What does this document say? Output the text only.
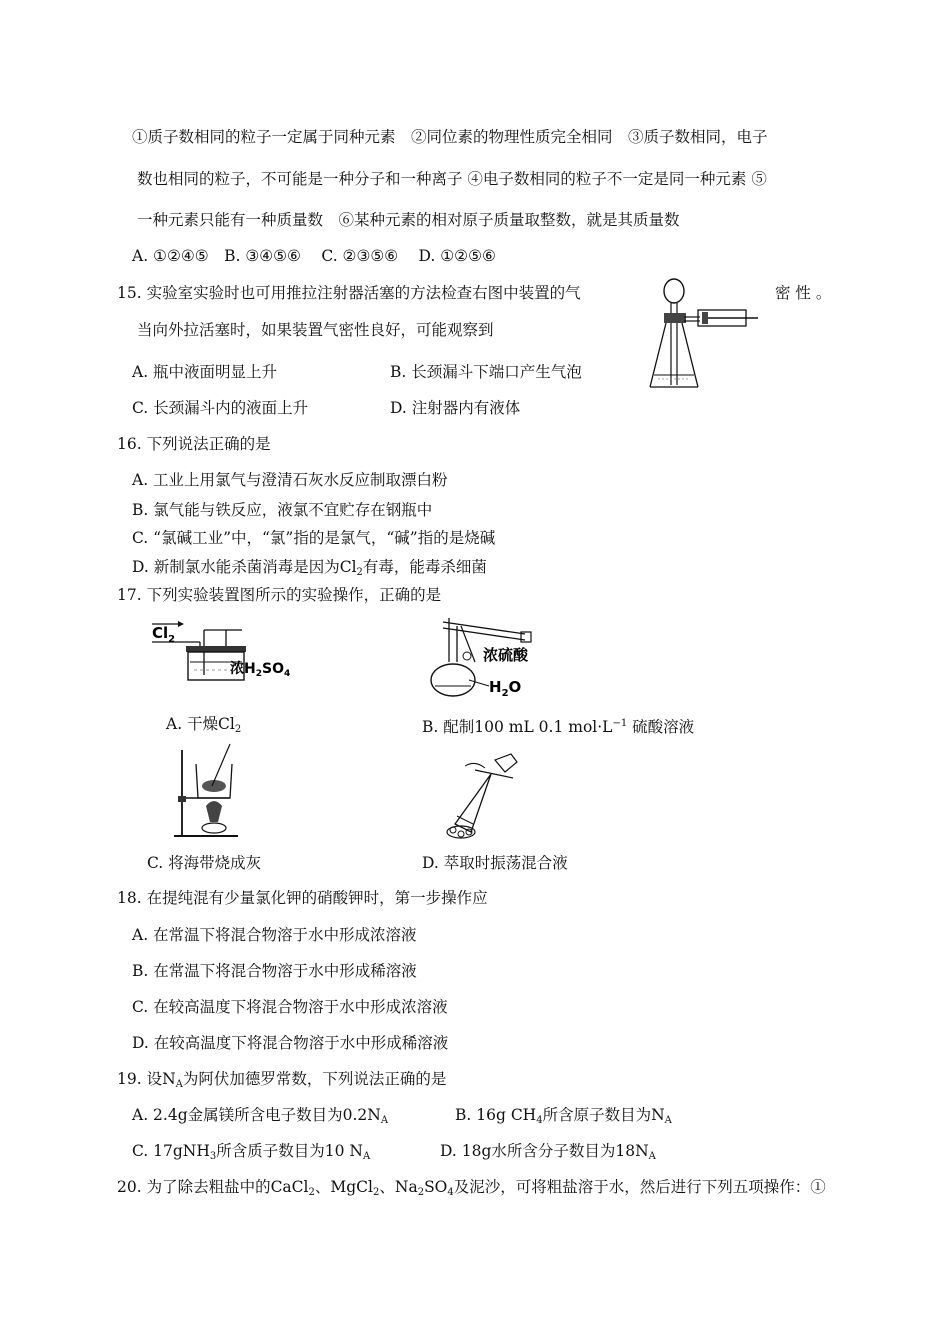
①质子数相同的粒子一定属于同种元素　②同位素的物理性质完全相同　③质子数相同，电子
数也相同的粒子，不可能是一种分子和一种离子 ④电子数相同的粒子不一定是同一种元素 ⑤
一种元素只能有一种质量数　⑥某种元素的相对原子质量取整数，就是其质量数
A. ①②④⑤　B. ③④⑤⑥　 C. ②③⑤⑥　 D. ①②⑤⑥
15. 实验室实验时也可用推拉注射器活塞的方法检查右图中装置的气	密 性 。
当向外拉活塞时，如果装置气密性良好，可能观察到
A. 瓶中液面明显上升	B. 长颈漏斗下端口产生气泡
C. 长颈漏斗内的液面上升	D. 注射器内有液体
16. 下列说法正确的是
A. 工业上用氯气与澄清石灰水反应制取漂白粉
B. 氯气能与铁反应，液氯不宜贮存在钢瓶中
C. “氯碱工业”中，“氯”指的是氯气，“碱”指的是烧碱
D. 新制氯水能杀菌消毒是因为$Cl_2$有毒，能毒杀细菌
17. 下列实验装置图所示的实验操作，正确的是
$Cl_2$
浓$H_2SO_4$
浓硫酸
$H_2O$
A. 干燥$Cl_2$	B. 配制100 mL 0.1 $mol\cdot L^{-1}$ 硫酸溶液
C. 将海带烧成灰	D. 萃取时振荡混合液
18. 在提纯混有少量氯化钾的硝酸钾时，第一步操作应
A. 在常温下将混合物溶于水中形成浓溶液
B. 在常温下将混合物溶于水中形成稀溶液
C. 在较高温度下将混合物溶于水中形成浓溶液
D. 在较高温度下将混合物溶于水中形成稀溶液
19. 设$N_A$为阿伏加德罗常数，下列说法正确的是
A. 2.4g金属镁所含电子数目为$0.2N_A$	B. 16g $CH_4$所含原子数目为$N_A$
C. 17gNH$_3$所含质子数目为10 $N_A$	D. 18g水所含分子数目为$18N_A$
20. 为了除去粗盐中的CaCl$_2$、MgCl$_2$、$Na_2SO_4$及泥沙，可将粗盐溶于水，然后进行下列五项操作：①
